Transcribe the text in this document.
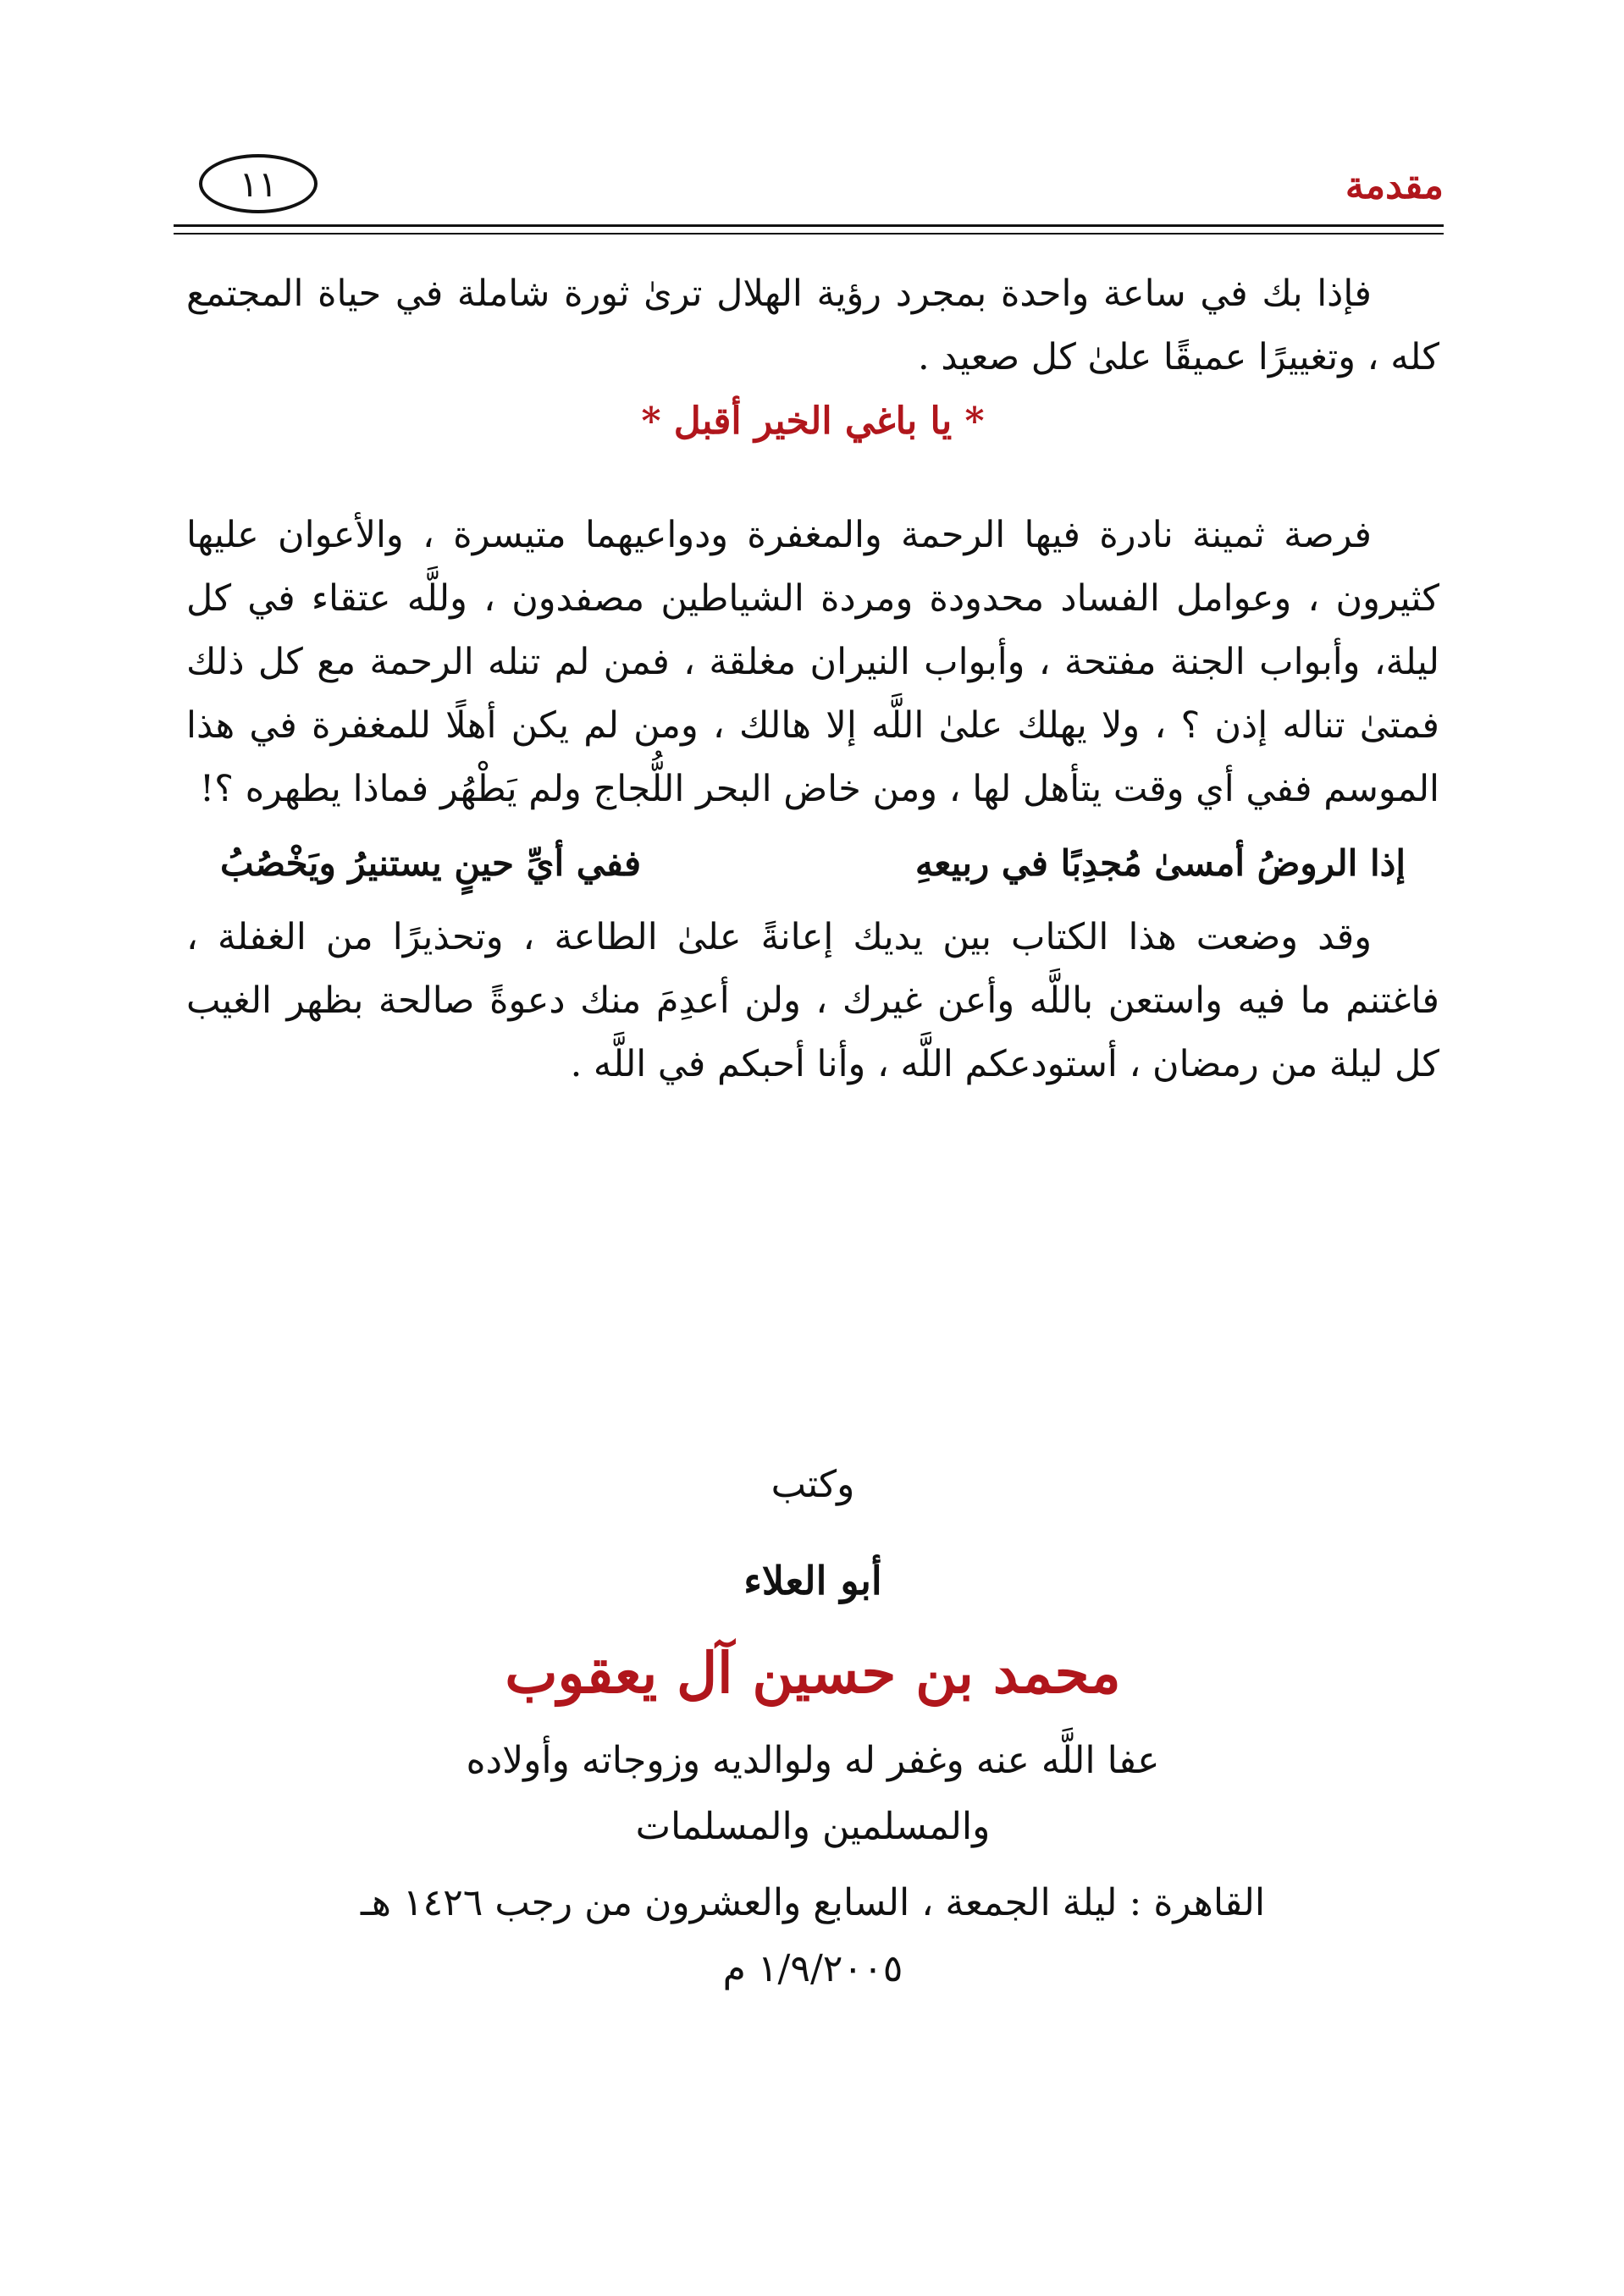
مقدمة
١١

فإذا بك في ساعة واحدة بمجرد رؤية الهلال ترىٰ ثورة شاملة في حياة المجتمع كله ، وتغييرًا عميقًا علىٰ كل صعيد .

* يا باغي الخير أقبل *

فرصة ثمينة نادرة فيها الرحمة والمغفرة ودواعيهما متيسرة ، والأعوان عليها كثيرون ، وعوامل الفساد محدودة ومردة الشياطين مصفدون ، وللَّه عتقاء في كل ليلة، وأبواب الجنة مفتحة ، وأبواب النيران مغلقة ، فمن لم تنله الرحمة مع كل ذلك فمتىٰ تناله إذن ؟ ، ولا يهلك علىٰ اللَّه إلا هالك ، ومن لم يكن أهلًا للمغفرة في هذا الموسم ففي أي وقت يتأهل لها ، ومن خاض البحر اللُّجاج ولم يَطْهُر فماذا يطهره ؟!

إذا الروضُ أمسىٰ مُجدِبًا في ربيعهِ
ففي أيِّ حينٍ يستنيرُ ويَخْصُبُ

وقد وضعت هذا الكتاب بين يديك إعانةً علىٰ الطاعة ، وتحذيرًا من الغفلة ، فاغتنم ما فيه واستعن باللَّه وأعن غيرك ، ولن أعدِمَ منك دعوةً صالحة بظهر الغيب كل ليلة من رمضان ، أستودعكم اللَّه ، وأنا أحبكم في اللَّه .

وكتب
أبو العلاء
محمد بن حسين آل يعقوب
عفا اللَّه عنه وغفر له ولوالديه وزوجاته وأولاده
والمسلمين والمسلمات
القاهرة : ليلة الجمعة ، السابع والعشرون من رجب ١٤٢٦ هـ
١/٩/٢٠٠٥ م
